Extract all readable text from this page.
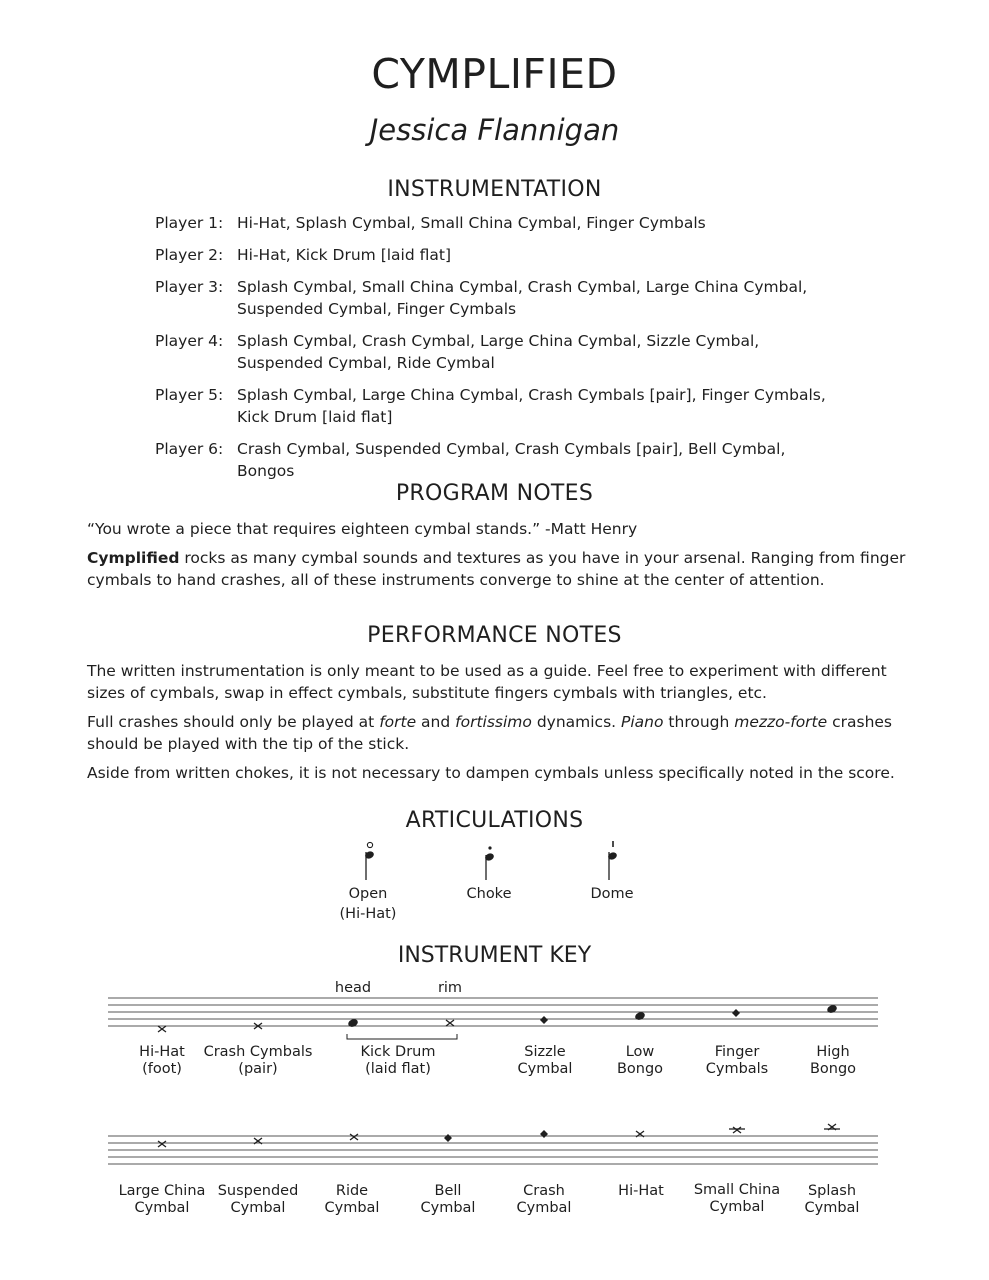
CYMPLIFIED
Jessica Flannigan
INSTRUMENTATION
Player 1: Hi-Hat, Splash Cymbal, Small China Cymbal, Finger Cymbals
Player 2: Hi-Hat, Kick Drum [laid flat]
Player 3: Splash Cymbal, Small China Cymbal, Crash Cymbal, Large China Cymbal, Suspended Cymbal, Finger Cymbals
Player 4: Splash Cymbal, Crash Cymbal, Large China Cymbal, Sizzle Cymbal, Suspended Cymbal, Ride Cymbal
Player 5: Splash Cymbal, Large China Cymbal, Crash Cymbals [pair], Finger Cymbals, Kick Drum [laid flat]
Player 6: Crash Cymbal, Suspended Cymbal, Crash Cymbals [pair], Bell Cymbal, Bongos
PROGRAM NOTES
“You wrote a piece that requires eighteen cymbal stands.” -Matt Henry
Cymplified rocks as many cymbal sounds and textures as you have in your arsenal. Ranging from finger cymbals to hand crashes, all of these instruments converge to shine at the center of attention.
PERFORMANCE NOTES
The written instrumentation is only meant to be used as a guide. Feel free to experiment with different sizes of cymbals, swap in effect cymbals, substitute fingers cymbals with triangles, etc.
Full crashes should only be played at forte and fortissimo dynamics. Piano through mezzo-forte crashes should be played with the tip of the stick.
Aside from written chokes, it is not necessary to dampen cymbals unless specifically noted in the score.
ARTICULATIONS
Open
(Hi-Hat)
Choke	Dome
INSTRUMENT KEY
head	rim
Hi-Hat
(foot)
Crash Cymbals
(pair)
Kick Drum
(laid flat)
Sizzle
Cymbal
Low
Bongo
Finger
Cymbals
High
Bongo
Large China
Cymbal
Suspended
Cymbal
Ride
Cymbal
Bell
Cymbal
Crash
Cymbal
Hi-Hat Small China
Cymbal
Splash
Cymbal
